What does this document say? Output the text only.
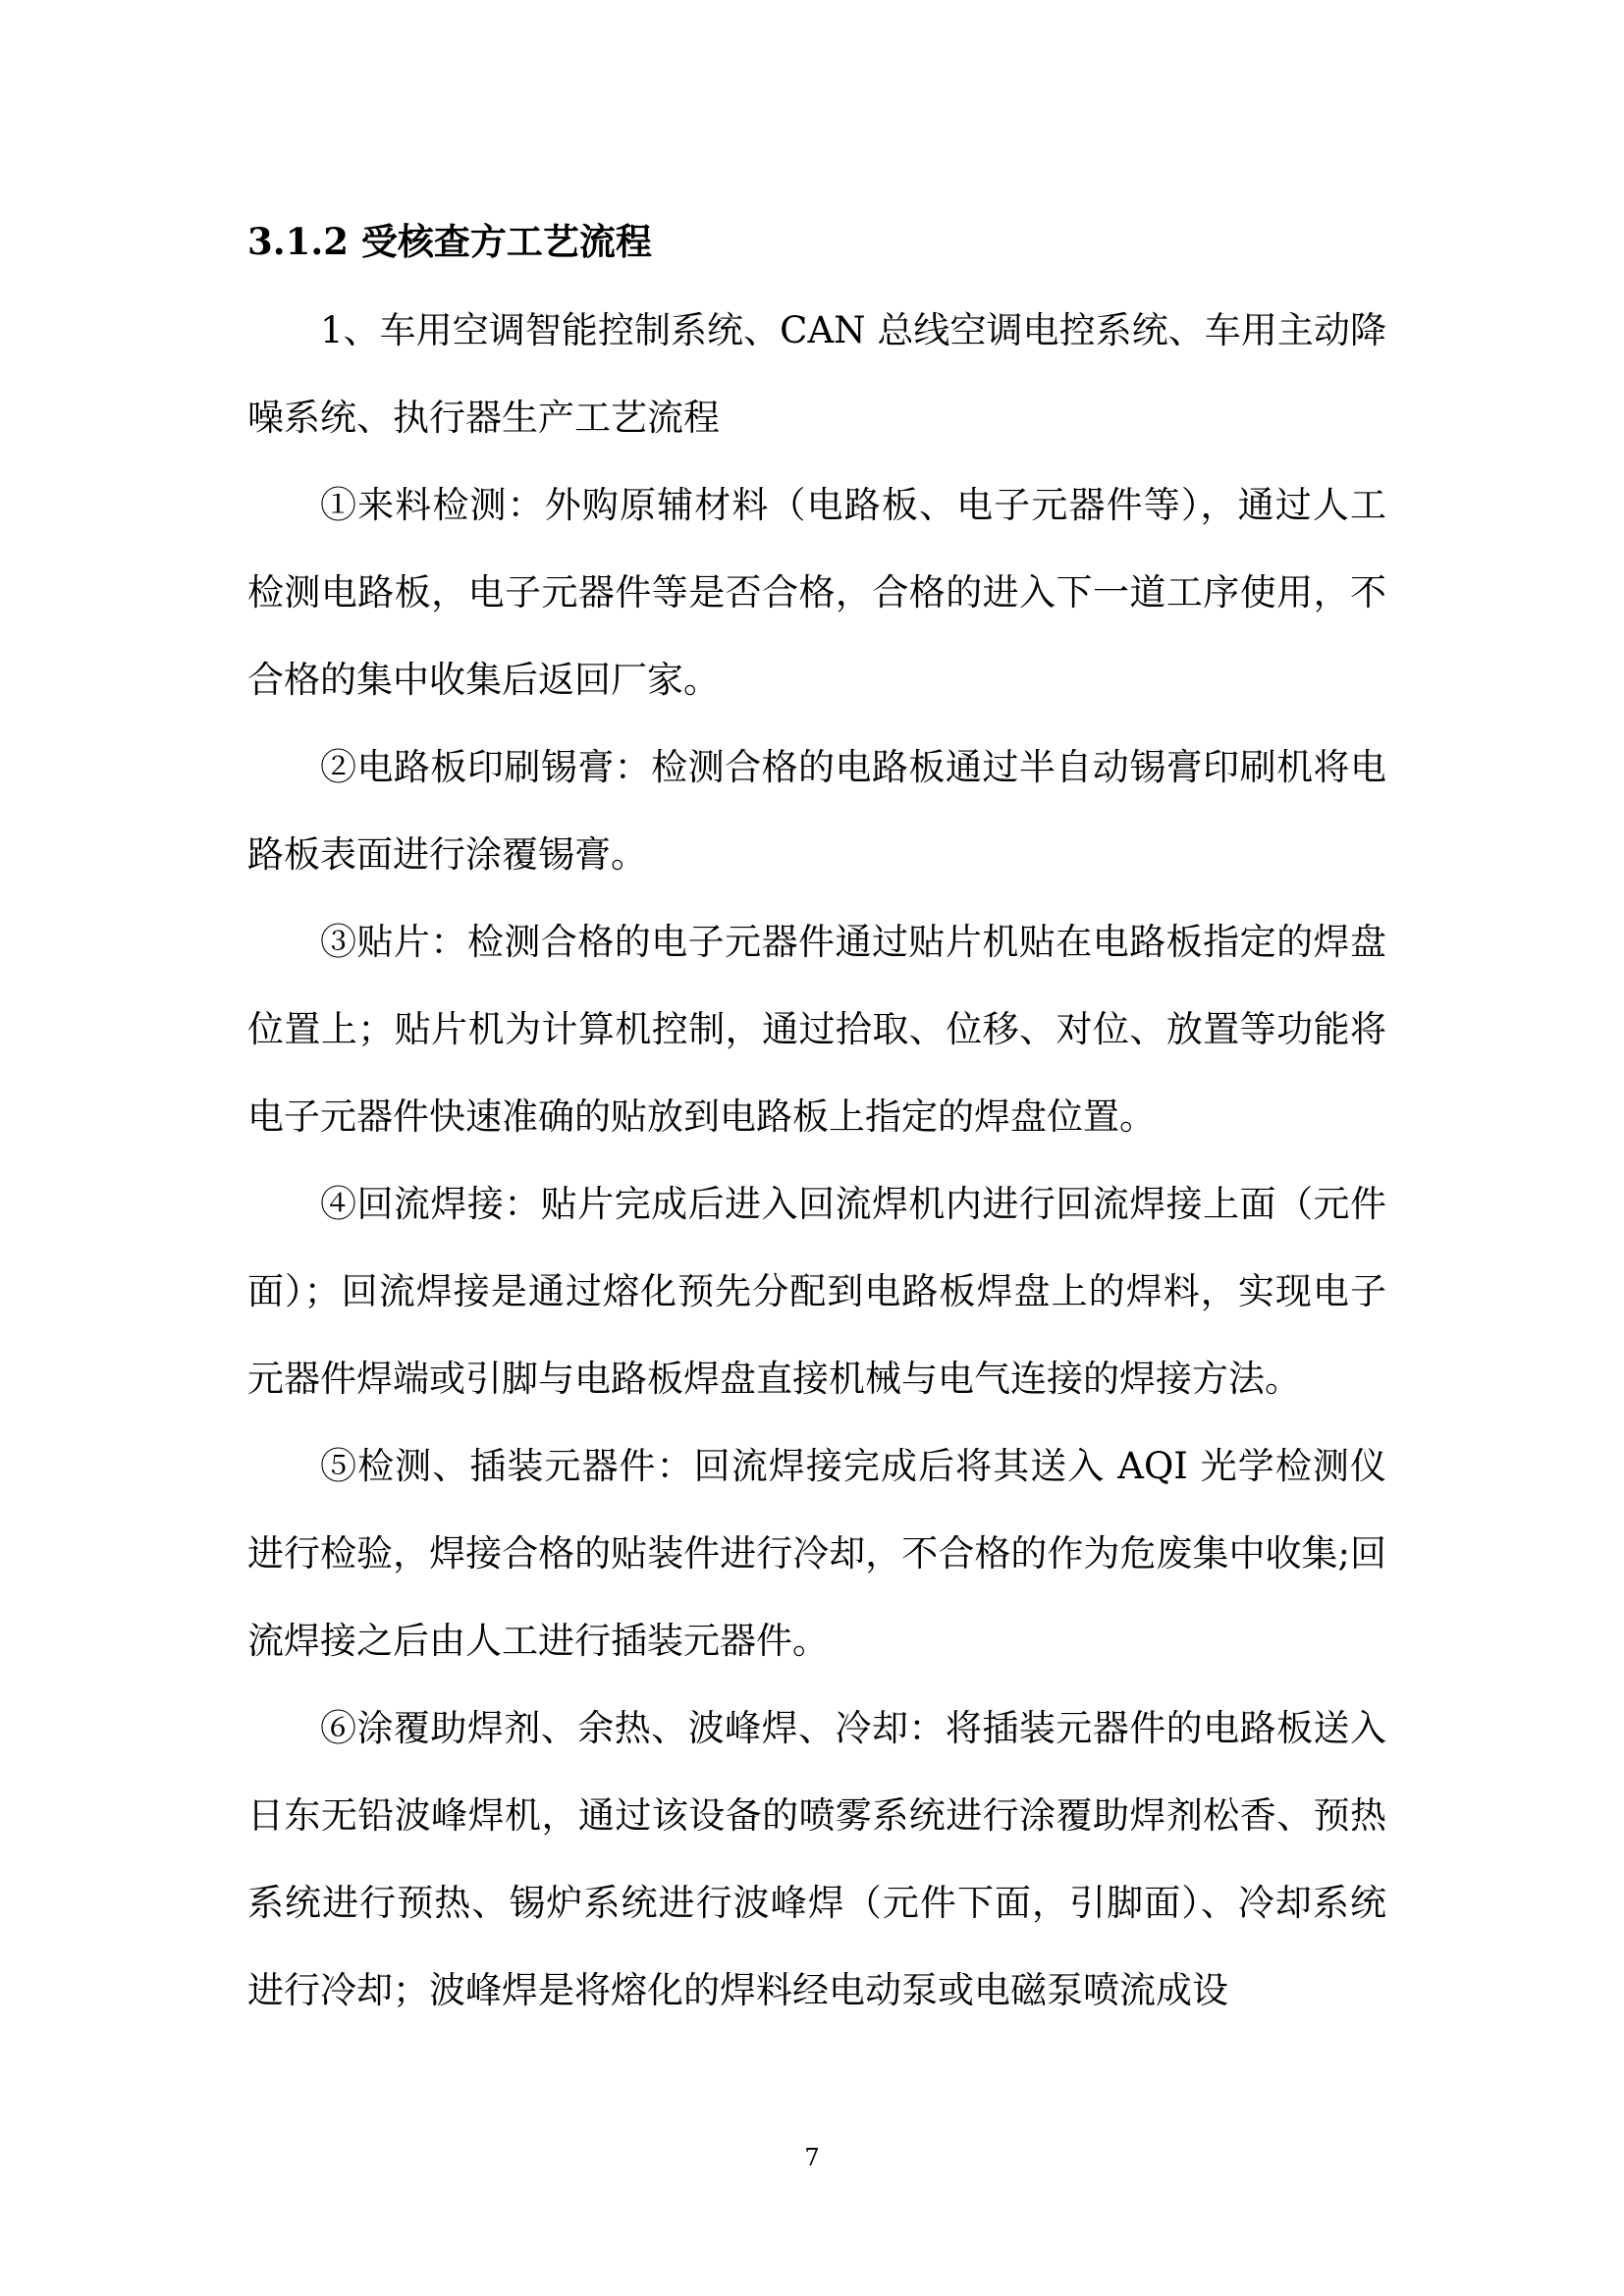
3.1.2 受核查方工艺流程

1、车用空调智能控制系统、CAN 总线空调电控系统、车用主动降噪系统、执行器生产工艺流程

①来料检测：外购原辅材料（电路板、电子元器件等），通过人工检测电路板，电子元器件等是否合格，合格的进入下一道工序使用，不合格的集中收集后返回厂家。

②电路板印刷锡膏：检测合格的电路板通过半自动锡膏印刷机将电路板表面进行涂覆锡膏。

③贴片：检测合格的电子元器件通过贴片机贴在电路板指定的焊盘位置上；贴片机为计算机控制，通过拾取、位移、对位、放置等功能将电子元器件快速准确的贴放到电路板上指定的焊盘位置。

④回流焊接：贴片完成后进入回流焊机内进行回流焊接上面（元件面）；回流焊接是通过熔化预先分配到电路板焊盘上的焊料，实现电子元器件焊端或引脚与电路板焊盘直接机械与电气连接的焊接方法。

⑤检测、插装元器件：回流焊接完成后将其送入 AQI 光学检测仪进行检验，焊接合格的贴装件进行冷却，不合格的作为危废集中收集;回流焊接之后由人工进行插装元器件。

⑥涂覆助焊剂、余热、波峰焊、冷却：将插装元器件的电路板送入日东无铅波峰焊机，通过该设备的喷雾系统进行涂覆助焊剂松香、预热系统进行预热、锡炉系统进行波峰焊（元件下面，引脚面）、冷却系统进行冷却；波峰焊是将熔化的焊料经电动泵或电磁泵喷流成设

7
